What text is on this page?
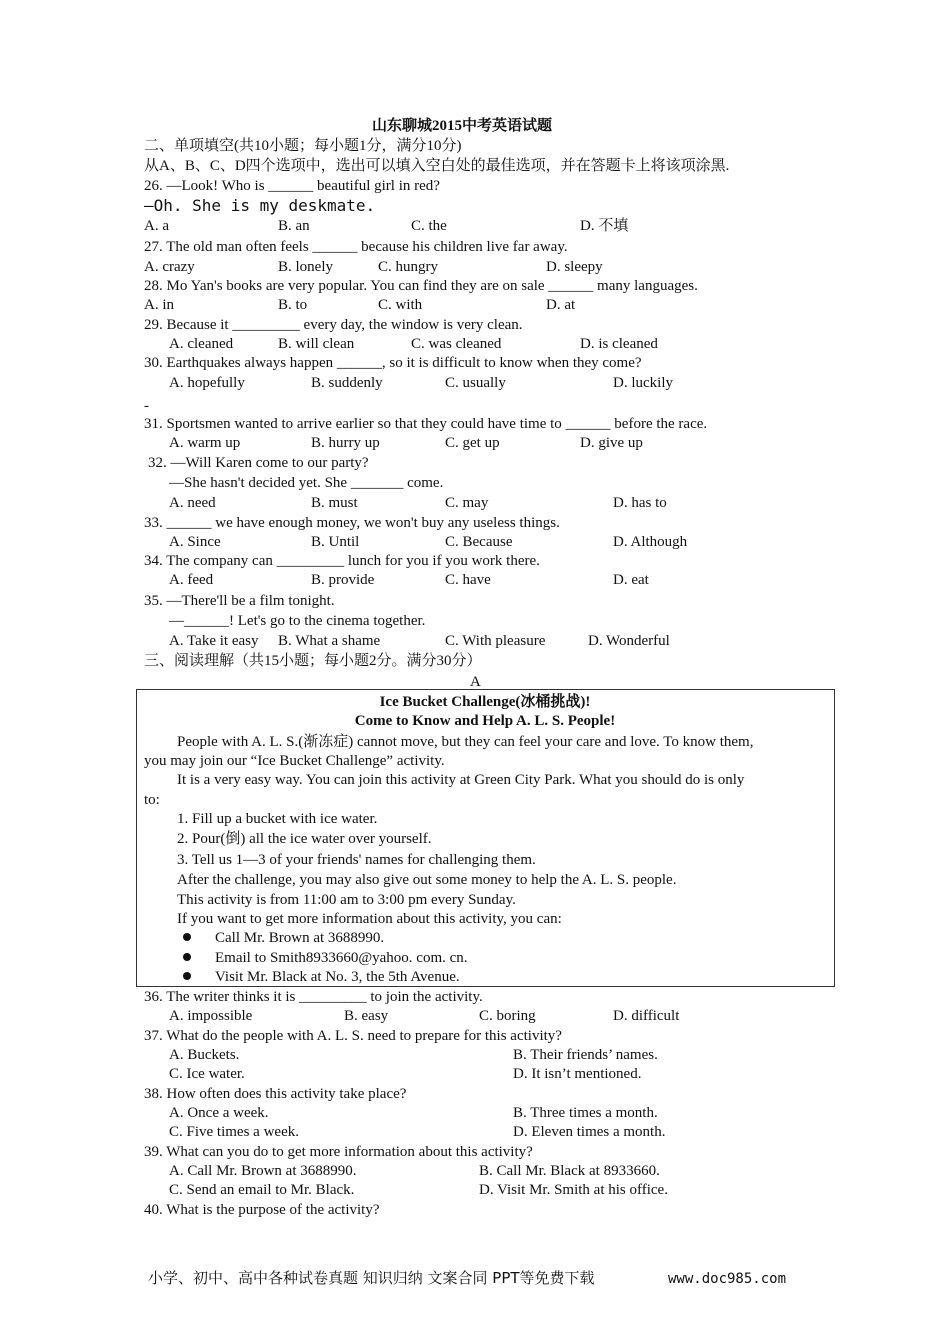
山东聊城2015中考英语试题
二、单项填空(共10小题；每小题1分，满分10分)
从A、B、C、D四个选项中，选出可以填入空白处的最佳选项，并在答题卡上将该项涂黑.
26. —Look! Who is ______ beautiful girl in red?
—Oh. She is my deskmate.
A. a	B. an	C. the	D. 不填
27. The old man often feels ______ because his children live far away.
A. crazy	B. lonely	C. hungry	D. sleepy
28. Mo Yan's books are very popular. You can find they are on sale ______ many languages.
A. in	B. to	C. with	D. at
29. Because it _________ every day, the window is very clean.
A. cleaned	B. will clean	C. was cleaned	D. is cleaned
30. Earthquakes always happen ______, so it is difficult to know when they come?
A. hopefully	B. suddenly	C. usually	D. luckily
-
31. Sportsmen wanted to arrive earlier so that they could have time to ______ before the race.
A. warm up	B. hurry up	C. get up	D. give up
32. —Will Karen come to our party?
—She hasn't decided yet. She _______ come.
A. need	B. must	C. may	D. has to
33. ______ we have enough money, we won't buy any useless things.
A. Since	B. Until	C. Because	D. Although
34. The company can _________ lunch for you if you work there.
A. feed	B. provide	C. have	D. eat
35. —There'll be a film tonight.
—______! Let's go to the cinema together.
A. Take it easy B. What a shame	C. With pleasure	D. Wonderful
三、阅读理解（共15小题；每小题2分。满分30分）
A
Ice Bucket Challenge(冰桶挑战)!
Come to Know and Help A. L. S. People!
People with A. L. S.(渐冻症) cannot move, but they can feel your care and love. To know them,
you may join our “Ice Bucket Challenge” activity.
It is a very easy way. You can join this activity at Green City Park. What you should do is only
to:
1. Fill up a bucket with ice water.
2. Pour(倒) all the ice water over yourself.
3. Tell us 1—3 of your friends' names for challenging them.
After the challenge, you may also give out some money to help the A. L. S. people.
This activity is from 11:00 am to 3:00 pm every Sunday.
If you want to get more information about this activity, you can:
Call Mr. Brown at 3688990.
Email to Smith8933660@yahoo. com. cn.
Visit Mr. Black at No. 3, the 5th Avenue.
36. The writer thinks it is _________ to join the activity.
A. impossible	B. easy	C. boring	D. difficult
37. What do the people with A. L. S. need to prepare for this activity?
A. Buckets.	B. Their friends’ names.
C. Ice water.	D. It isn’t mentioned.
38. How often does this activity take place?
A. Once a week.	B. Three times a month.
C. Five times a week.	D. Eleven times a month.
39. What can you do to get more information about this activity?
A. Call Mr. Brown at 3688990.	B. Call Mr. Black at 8933660.
C. Send an email to Mr. Black.	D. Visit Mr. Smith at his office.
40. What is the purpose of the activity?
小学、初中、高中各种试卷真题 知识归纳 文案合同 PPT等免费下载	www.doc985.com
